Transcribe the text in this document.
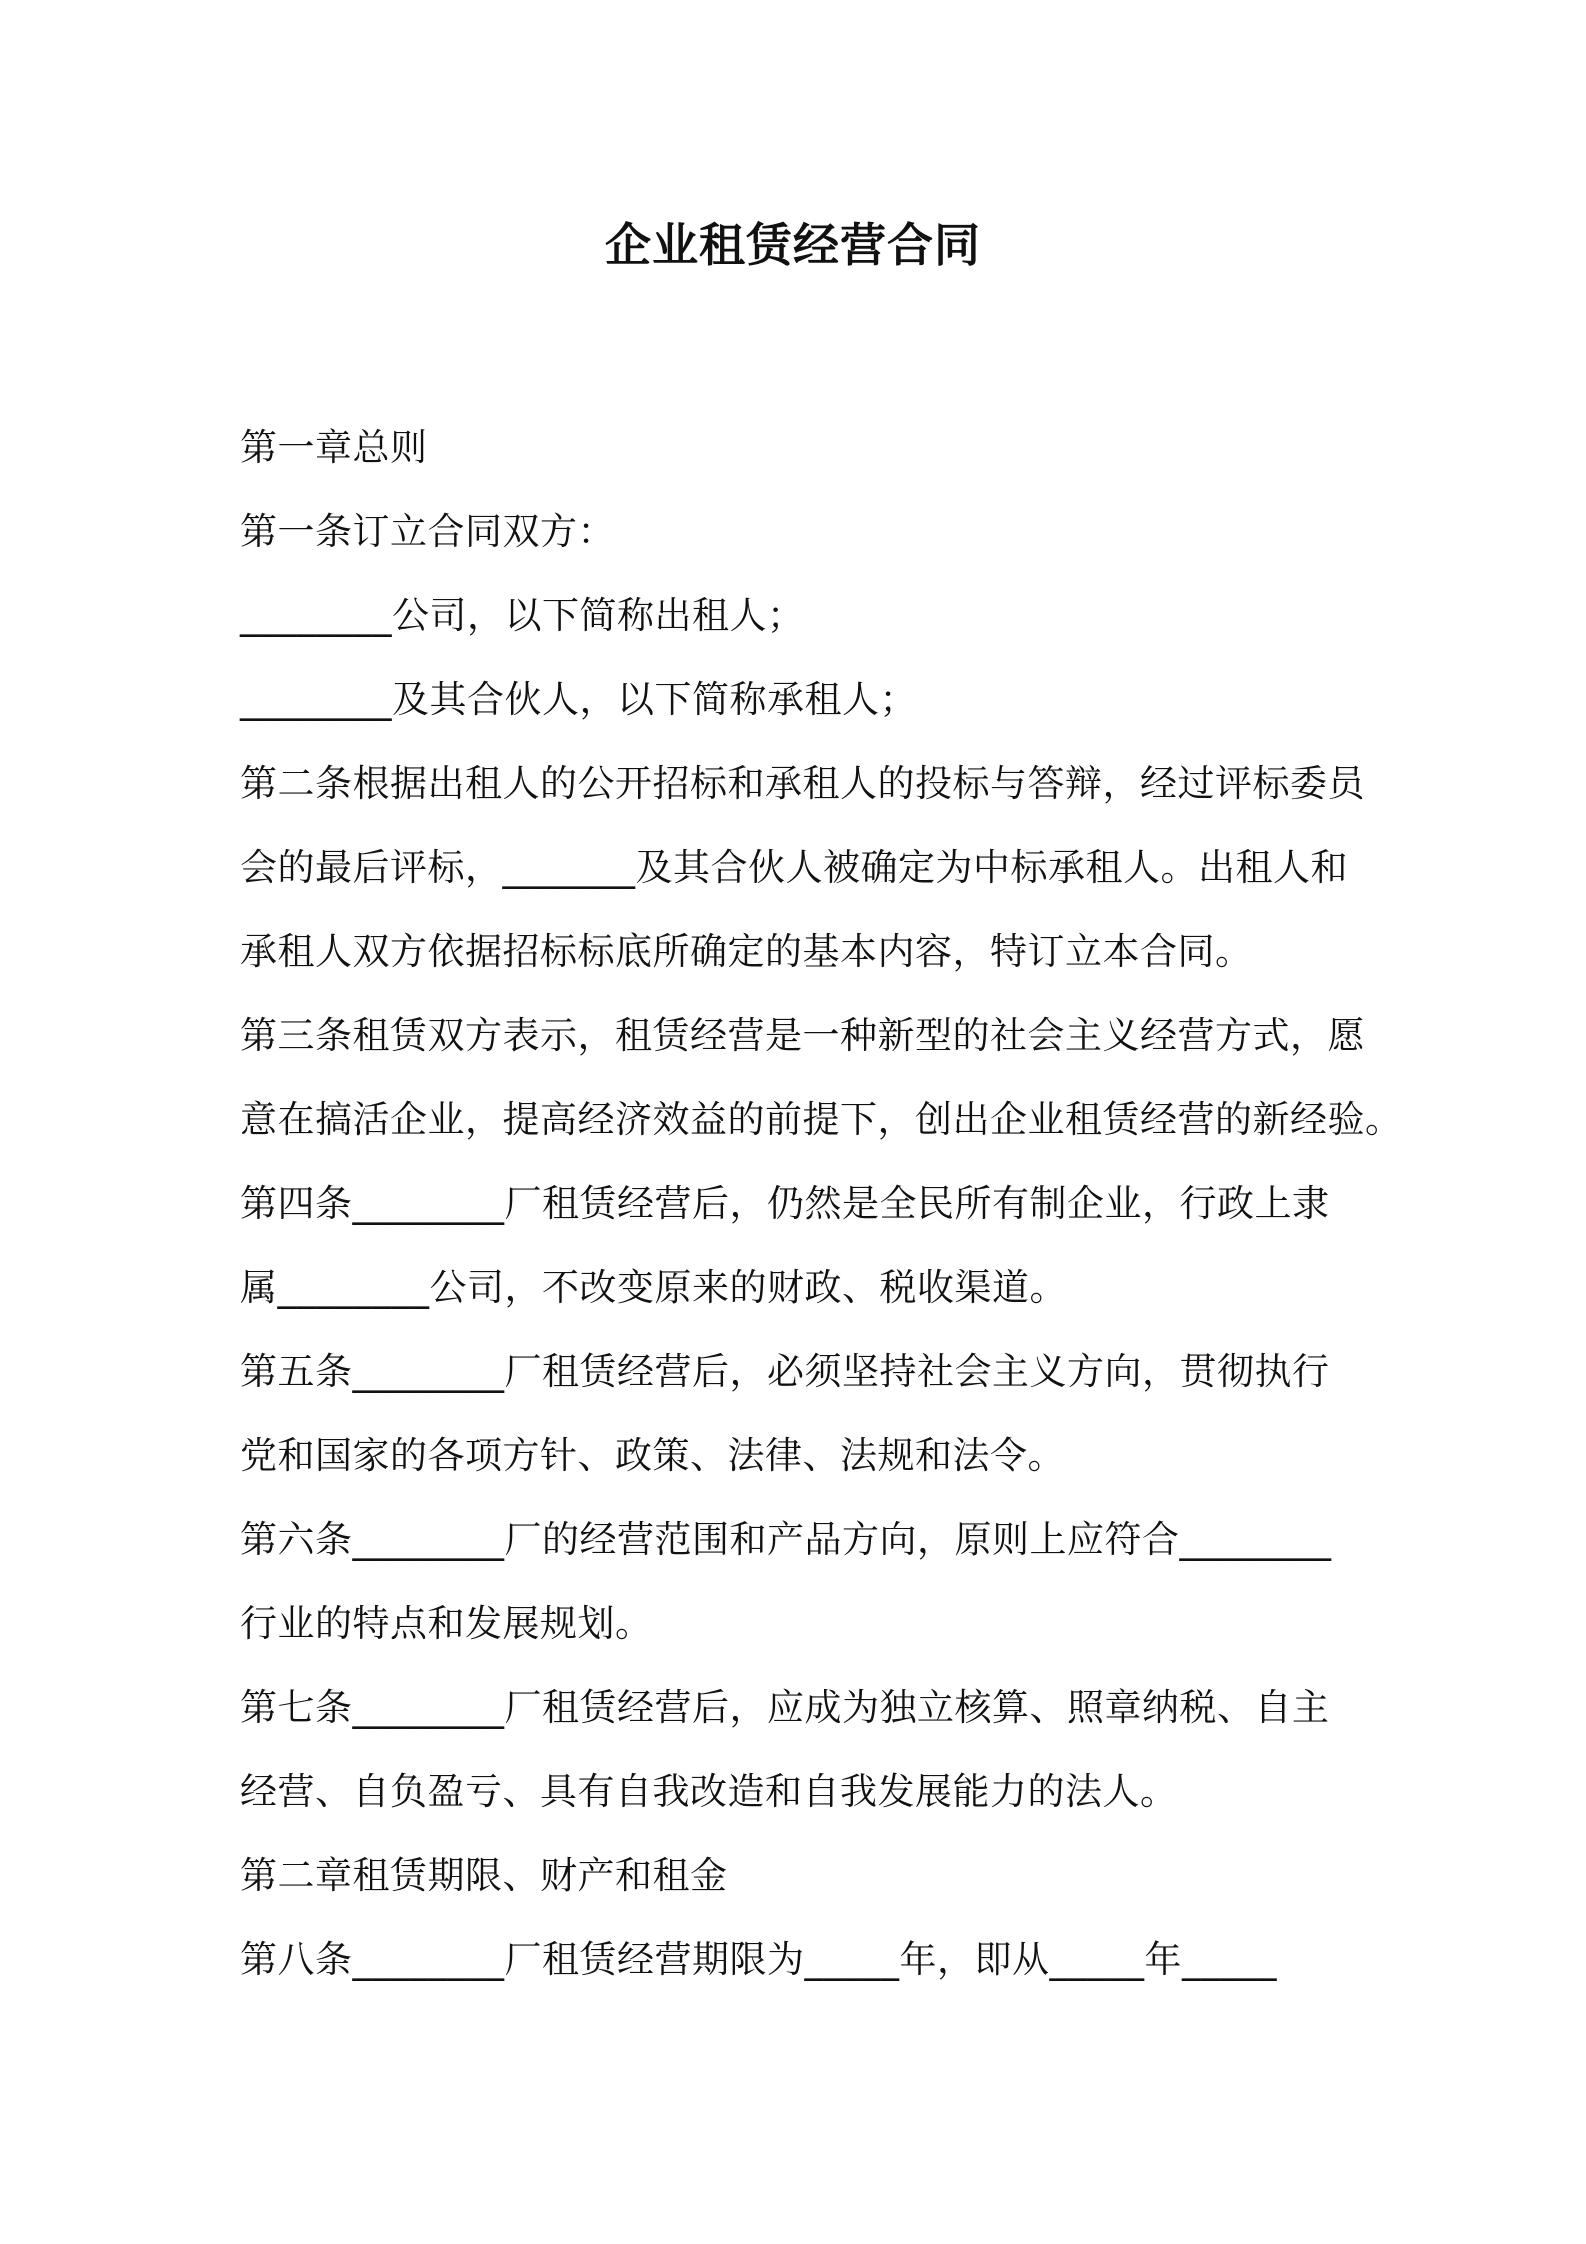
企业租赁经营合同
第一章总则
第一条订立合同双方：
________公司，以下简称出租人；
________及其合伙人，以下简称承租人；
第二条根据出租人的公开招标和承租人的投标与答辩，经过评标委员
会的最后评标，_______及其合伙人被确定为中标承租人。出租人和
承租人双方依据招标标底所确定的基本内容，特订立本合同。
第三条租赁双方表示，租赁经营是一种新型的社会主义经营方式，愿
意在搞活企业，提高经济效益的前提下，创出企业租赁经营的新经验。
第四条________厂租赁经营后，仍然是全民所有制企业，行政上隶
属________公司，不改变原来的财政、税收渠道。
第五条________厂租赁经营后，必须坚持社会主义方向，贯彻执行
党和国家的各项方针、政策、法律、法规和法令。
第六条________厂的经营范围和产品方向，原则上应符合________
行业的特点和发展规划。
第七条________厂租赁经营后，应成为独立核算、照章纳税、自主
经营、自负盈亏、具有自我改造和自我发展能力的法人。
第二章租赁期限、财产和租金
第八条________厂租赁经营期限为_____年，即从_____年_____
